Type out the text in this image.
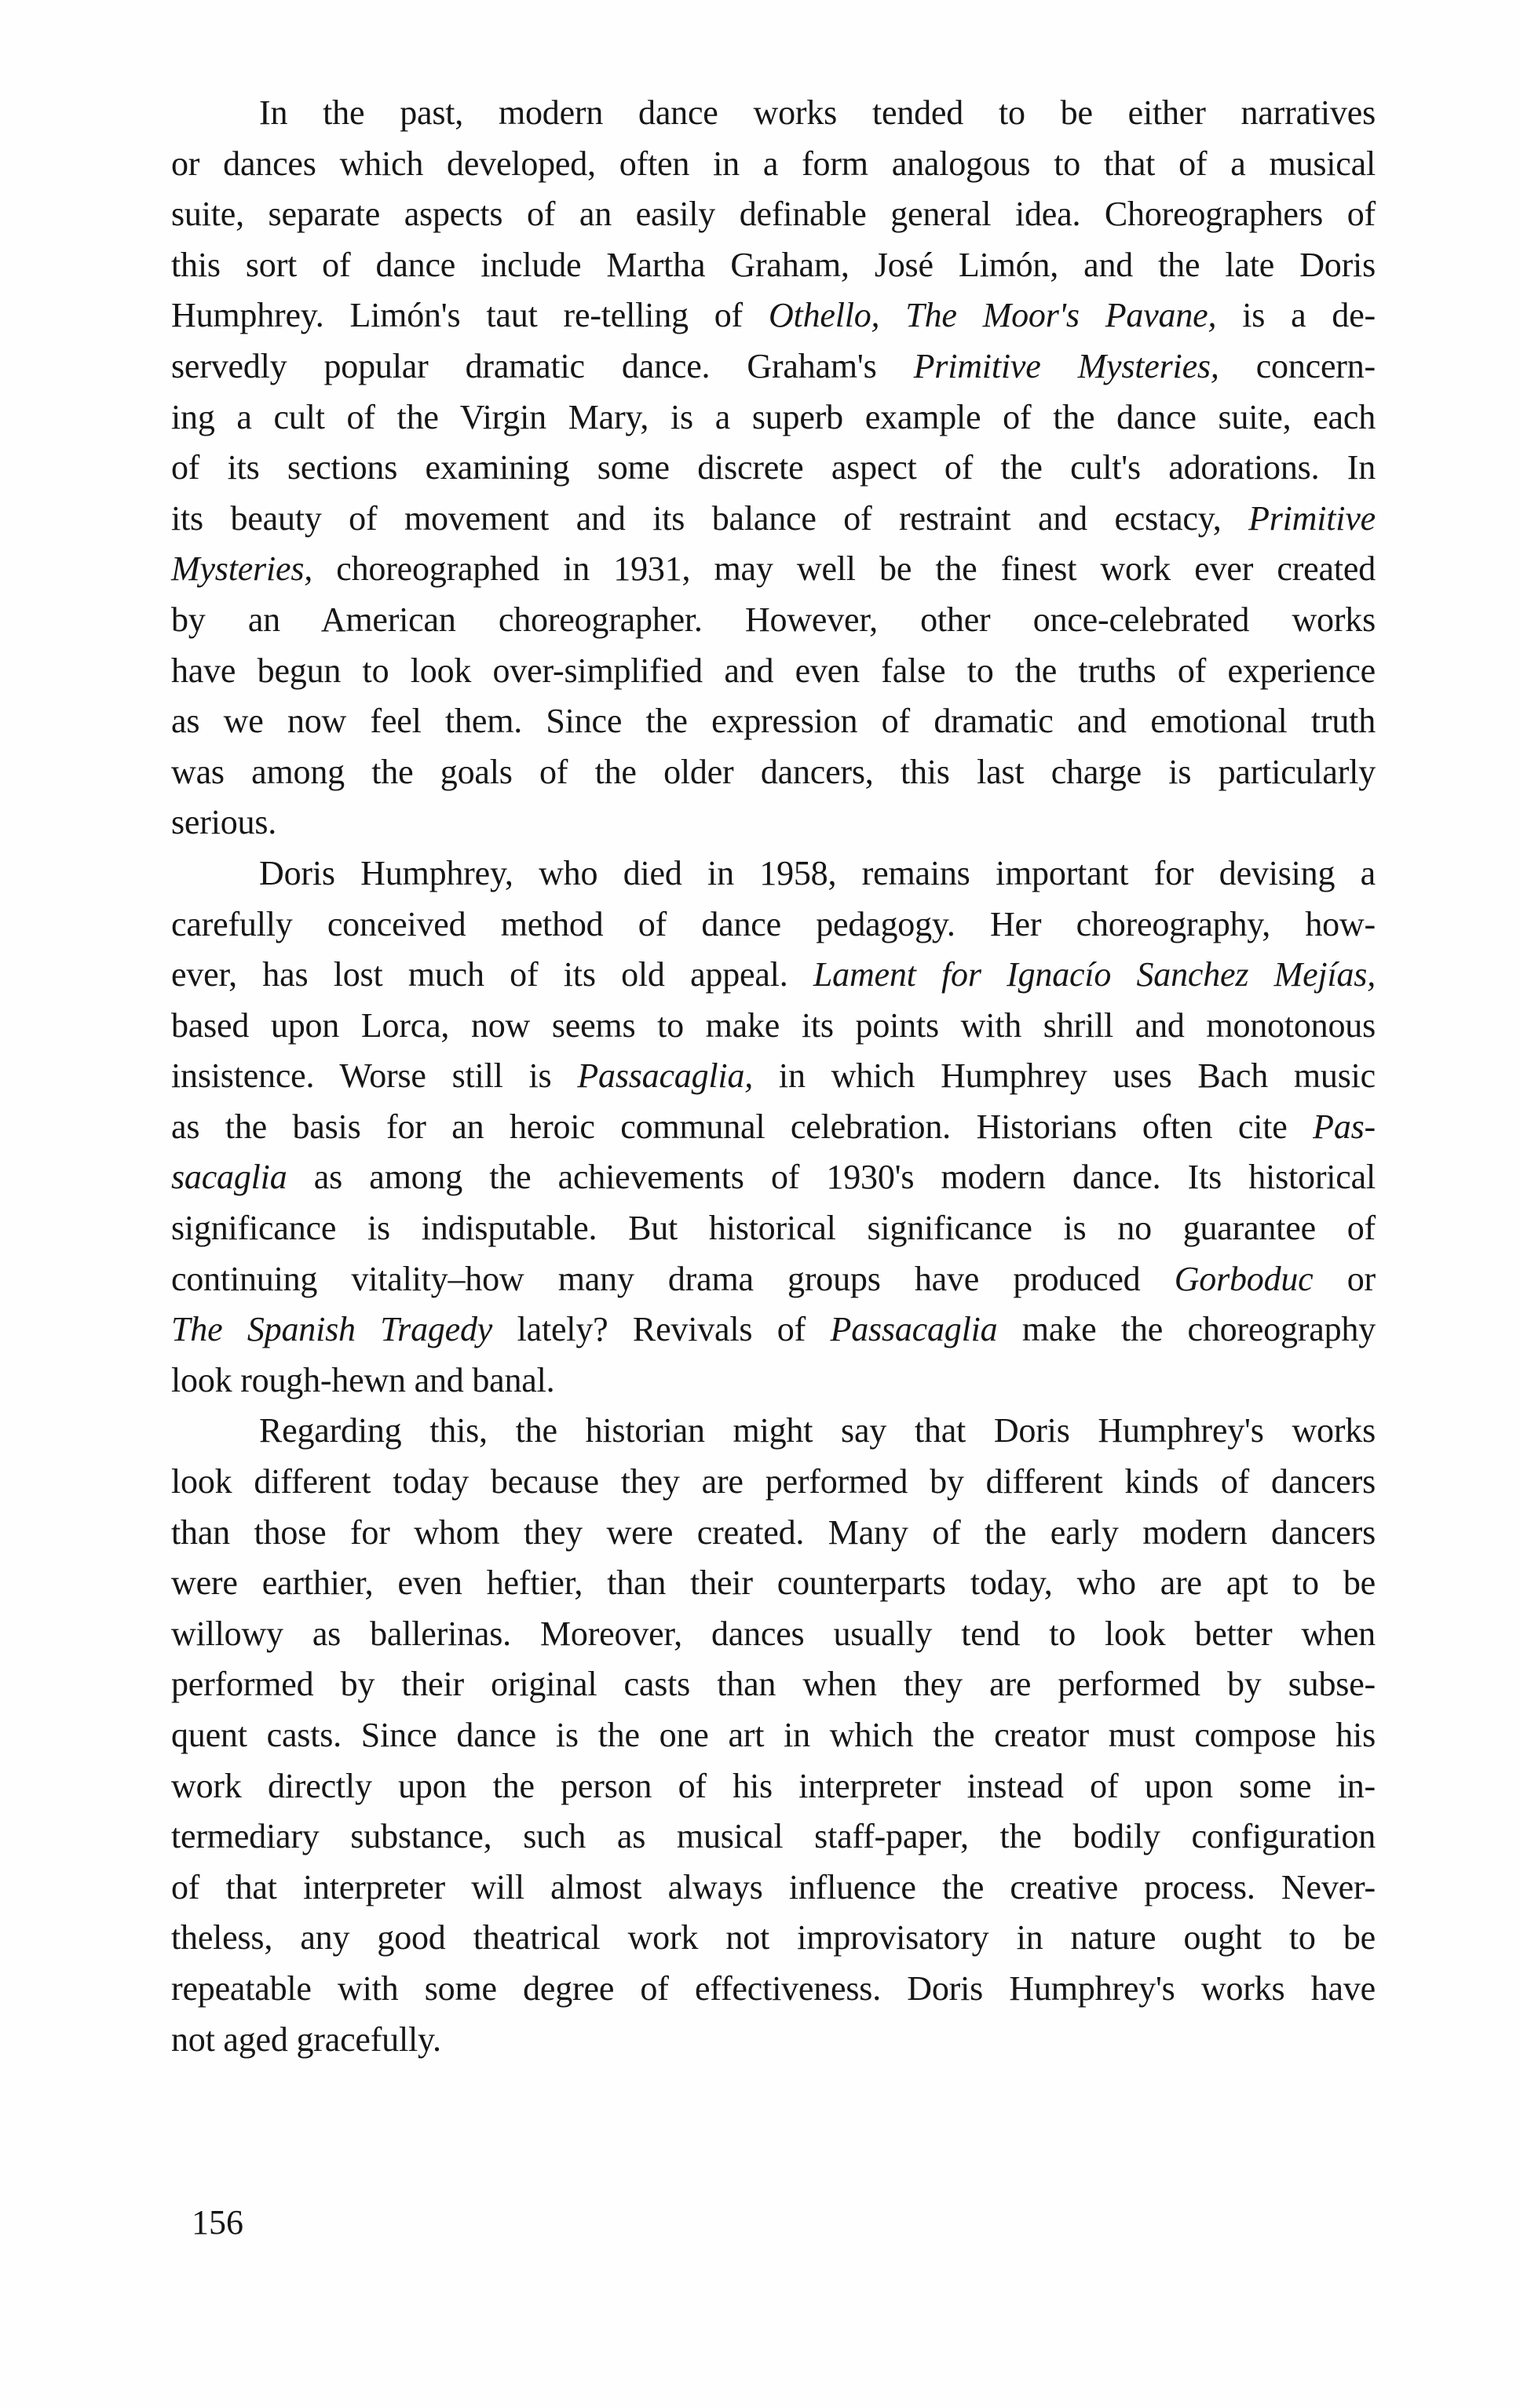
In the past, modern dance works tended to be either narratives
or dances which developed, often in a form analogous to that of a musical
suite, separate aspects of an easily definable general idea. Choreographers of
this sort of dance include Martha Graham, José Limón, and the late Doris
Humphrey. Limón's taut re-telling of Othello, The Moor's Pavane, is a de-
servedly popular dramatic dance. Graham's Primitive Mysteries, concern-
ing a cult of the Virgin Mary, is a superb example of the dance suite, each
of its sections examining some discrete aspect of the cult's adorations. In
its beauty of movement and its balance of restraint and ecstacy, Primitive
Mysteries, choreographed in 1931, may well be the finest work ever created
by an American choreographer. However, other once-celebrated works
have begun to look over-simplified and even false to the truths of experience
as we now feel them. Since the expression of dramatic and emotional truth
was among the goals of the older dancers, this last charge is particularly
serious.
Doris Humphrey, who died in 1958, remains important for devising a
carefully conceived method of dance pedagogy. Her choreography, how-
ever, has lost much of its old appeal. Lament for Ignacío Sanchez Mejías,
based upon Lorca, now seems to make its points with shrill and monotonous
insistence. Worse still is Passacaglia, in which Humphrey uses Bach music
as the basis for an heroic communal celebration. Historians often cite Pas-
sacaglia as among the achievements of 1930's modern dance. Its historical
significance is indisputable. But historical significance is no guarantee of
continuing vitality–how many drama groups have produced Gorboduc or
The Spanish Tragedy lately? Revivals of Passacaglia make the choreography
look rough-hewn and banal.
Regarding this, the historian might say that Doris Humphrey's works
look different today because they are performed by different kinds of dancers
than those for whom they were created. Many of the early modern dancers
were earthier, even heftier, than their counterparts today, who are apt to be
willowy as ballerinas. Moreover, dances usually tend to look better when
performed by their original casts than when they are performed by subse-
quent casts. Since dance is the one art in which the creator must compose his
work directly upon the person of his interpreter instead of upon some in-
termediary substance, such as musical staff-paper, the bodily configuration
of that interpreter will almost always influence the creative process. Never-
theless, any good theatrical work not improvisatory in nature ought to be
repeatable with some degree of effectiveness. Doris Humphrey's works have
not aged gracefully.
156
